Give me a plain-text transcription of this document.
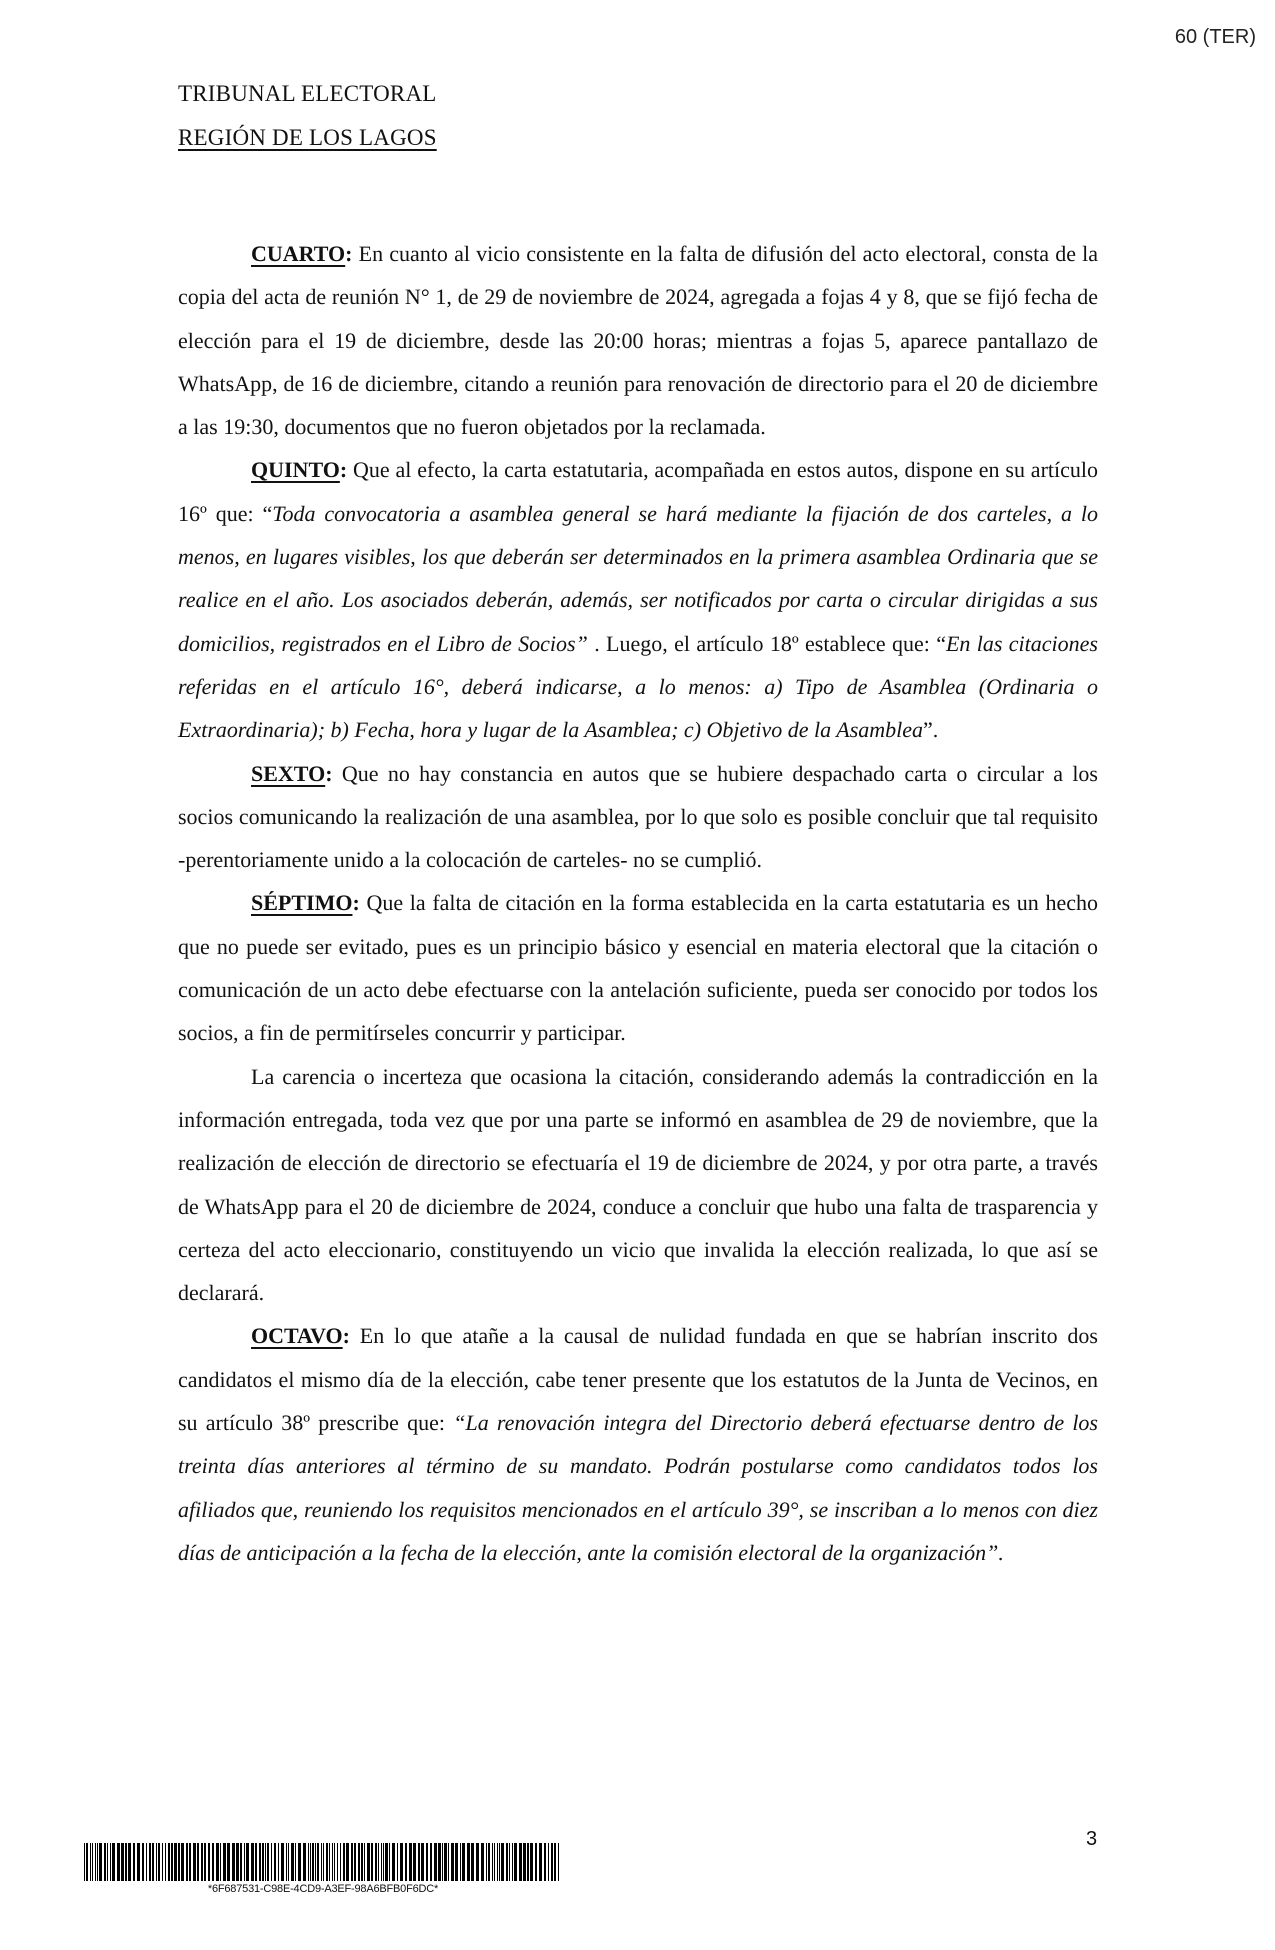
60 (TER)
TRIBUNAL ELECTORAL
REGIÓN DE LOS LAGOS

CUARTO: En cuanto al vicio consistente en la falta de difusión del acto electoral, consta de la copia del acta de reunión N° 1, de 29 de noviembre de 2024, agregada a fojas 4 y 8, que se fijó fecha de elección para el 19 de diciembre, desde las 20:00 horas; mientras a fojas 5, aparece pantallazo de WhatsApp, de 16 de diciembre, citando a reunión para renovación de directorio para el 20 de diciembre a las 19:30, documentos que no fueron objetados por la reclamada.

QUINTO: Que al efecto, la carta estatutaria, acompañada en estos autos, dispone en su artículo 16º que: “Toda convocatoria a asamblea general se hará mediante la fijación de dos carteles, a lo menos, en lugares visibles, los que deberán ser determinados en la primera asamblea Ordinaria que se realice en el año. Los asociados deberán, además, ser notificados por carta o circular dirigidas a sus domicilios, registrados en el Libro de Socios” . Luego, el artículo 18º establece que: “En las citaciones referidas en el artículo 16°, deberá indicarse, a lo menos: a) Tipo de Asamblea (Ordinaria o Extraordinaria); b) Fecha, hora y lugar de la Asamblea; c) Objetivo de la Asamblea”.

SEXTO: Que no hay constancia en autos que se hubiere despachado carta o circular a los socios comunicando la realización de una asamblea, por lo que solo es posible concluir que tal requisito -perentoriamente unido a la colocación de carteles- no se cumplió.

SÉPTIMO: Que la falta de citación en la forma establecida en la carta estatutaria es un hecho que no puede ser evitado, pues es un principio básico y esencial en materia electoral que la citación o comunicación de un acto debe efectuarse con la antelación suficiente, pueda ser conocido por todos los socios, a fin de permitírseles concurrir y participar.

La carencia o incerteza que ocasiona la citación, considerando además la contradicción en la información entregada, toda vez que por una parte se informó en asamblea de 29 de noviembre, que la realización de elección de directorio se efectuaría el 19 de diciembre de 2024, y por otra parte, a través de WhatsApp para el 20 de diciembre de 2024, conduce a concluir que hubo una falta de trasparencia y certeza del acto eleccionario, constituyendo un vicio que invalida la elección realizada, lo que así se declarará.

OCTAVO: En lo que atañe a la causal de nulidad fundada en que se habrían inscrito dos candidatos el mismo día de la elección, cabe tener presente que los estatutos de la Junta de Vecinos, en su artículo 38º prescribe que: “La renovación integra del Directorio deberá efectuarse dentro de los treinta días anteriores al término de su mandato. Podrán postularse como candidatos todos los afiliados que, reuniendo los requisitos mencionados en el artículo 39°, se inscriban a lo menos con diez días de anticipación a la fecha de la elección, ante la comisión electoral de la organización”.

3
*6F687531-C98E-4CD9-A3EF-98A6BFB0F6DC*
